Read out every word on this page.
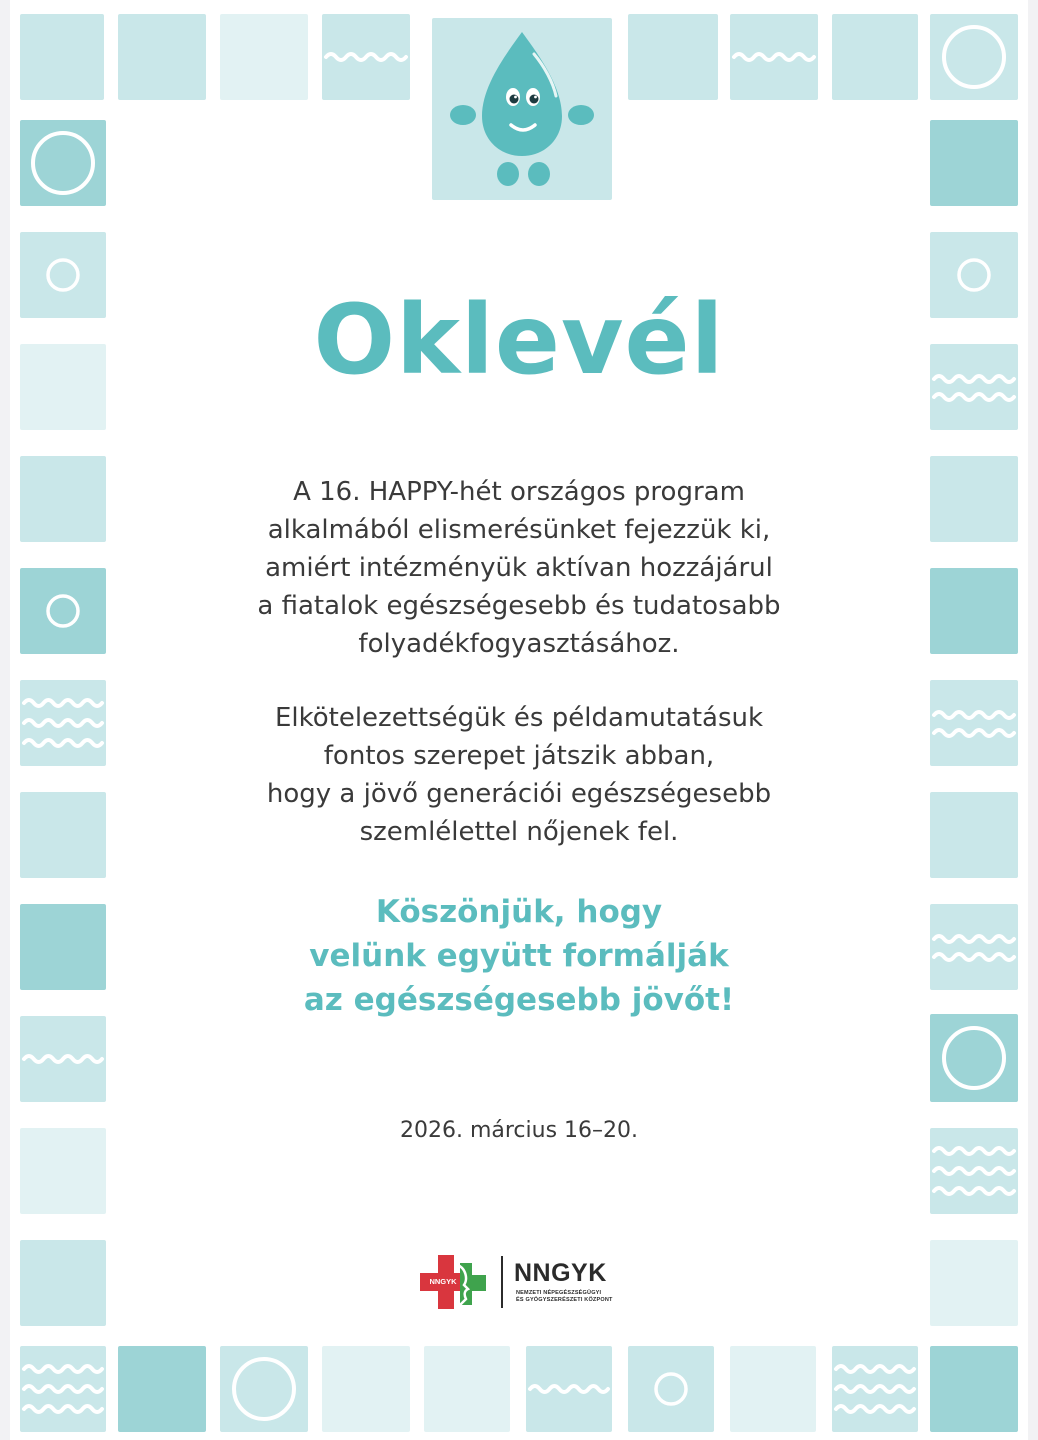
Oklevél
A 16. HAPPY-hét országos program
alkalmából elismerésünket fejezzük ki,
amiért intézményük aktívan hozzájárul
a fiatalok egészségesebb és tudatosabb
folyadékfogyasztásához.
Elkötelezettségük és példamutatásuk
fontos szerepet játszik abban,
hogy a jövő generációi egészségesebb
szemlélettel nőjenek fel.
Köszönjük, hogy
velünk együtt formálják
az egészségesebb jövőt!
2026. március 16–20.
NNGYK NNGYK
NEMZETI NÉPEGÉSZSÉGÜGYI
ÉS GYÓGYSZERÉSZETI KÖZPONT
